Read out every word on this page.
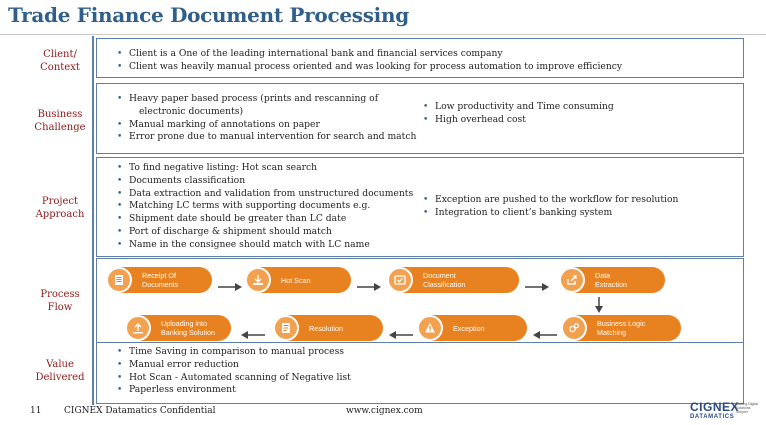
Trade Finance Document Processing
Client/
Context
• Client is a One of the leading international bank and financial services company
• Client was heavily manual process oriented and was looking for process automation to improve efficiency
Business
Challenge
• Heavy paper based process (prints and rescanning of
electronic documents)
• Manual marking of annotations on paper
• Error prone due to manual intervention for search and match
• Low productivity and Time consuming
• High overhead cost
Project
Approach
• To find negative listing: Hot scan search
• Documents classification
• Data extraction and validation from unstructured documents
• Matching LC terms with supporting documents e.g.
• Shipment date should be greater than LC date
• Port of discharge & shipment should match
• Name in the consignee should match with LC name
• Exception are pushed to the workflow for resolution
• Integration to client’s banking system
Process
Flow
Receipt Of
Documents	Hot Scan	Document
Classification
Data
Extraction
Uploading into
Banking Solution	Resolution	Exception	Business Logic
Matching
Value
Delivered
• Time Saving in comparison to manual process
• Manual error reduction
• Hot Scan - Automated scanning of Negative list
• Paperless environment
11	CIGNEX Datamatics Confidential	www.cignex.com	CIGNEX
DATAMATICS
Making Digital Solutions Simpler
